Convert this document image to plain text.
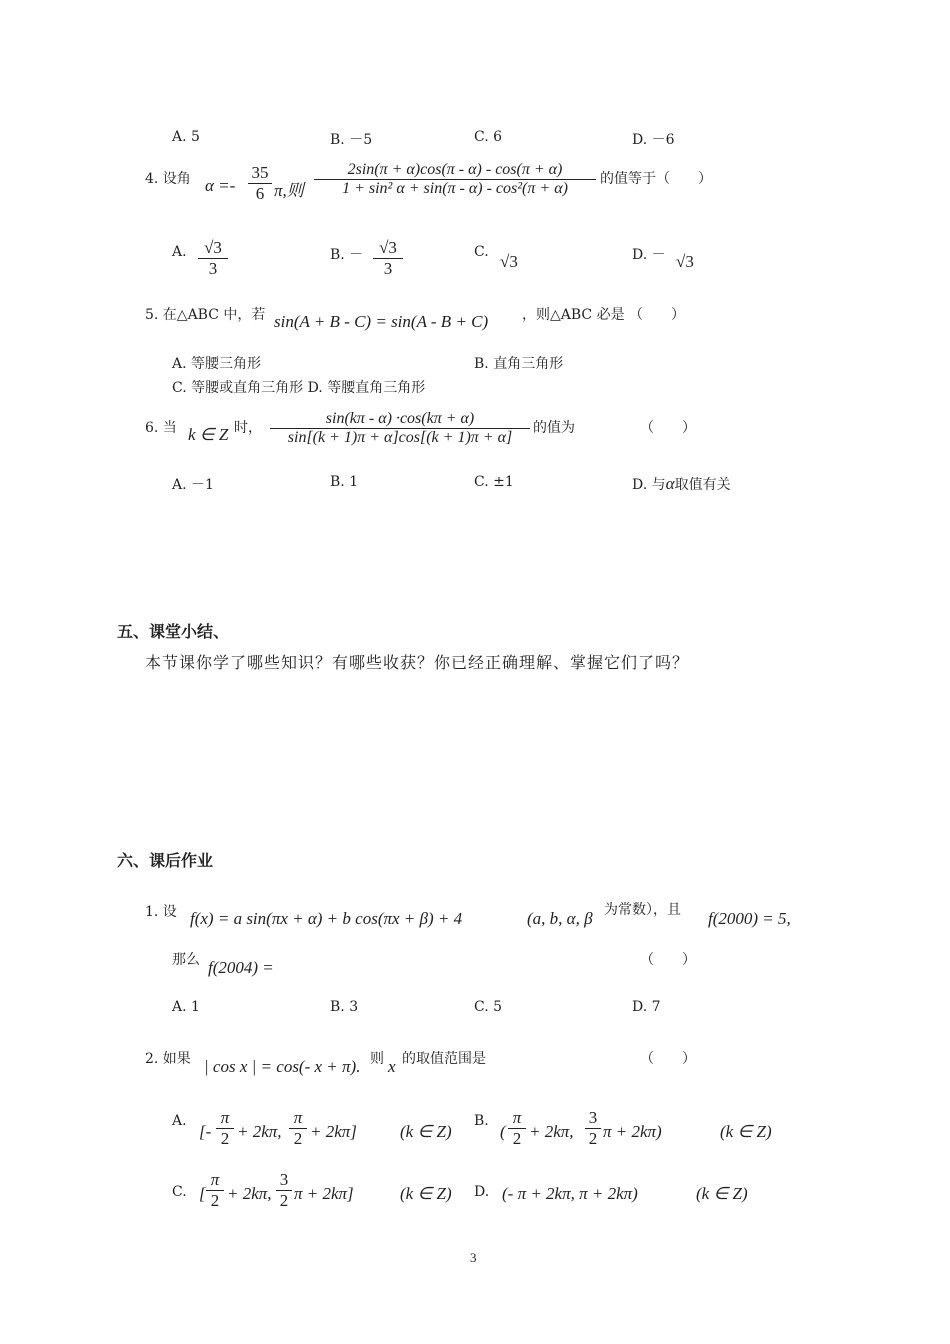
A. 5	B. －5	C. 6	D. －6
4. 设角 α =-
35
6 π,则
2sin(π + α)cos(π - α) - cos(π + α)
1 + sin² α + sin(π - α) - cos²(π + α)
的值等于（　　）
A.	√3
3
B. － √3
3
C. √3	D. － √3
5. 在△ABC 中，若 sin(A + B - C) = sin(A - B + C) ，则△ABC 必是 （　　）
A. 等腰三角形	B. 直角三角形
C. 等腰或直角三角形 D. 等腰直角三角形
6. 当 k ∈ Z 时，
sin(kπ - α) ·cos(kπ + α)
sin[(k + 1)π + α]cos[(k + 1)π + α]
的值为	（　　）
A. －1	B. 1	C. ±1	D. 与α取值有关
五、课堂小结、
本节课你学了哪些知识？有哪些收获？你已经正确理解、掌握它们了吗？
六、课后作业
1. 设 f(x) = a sin(πx + α) + b cos(πx + β) + 4	(a, b, α, β 为常数），且 f(2000) = 5,
那么 f(2004) =	（　　）
A. 1	B. 3	C. 5	D. 7
2. 如果 | cos x | = cos(- x + π). 则 x 的取值范围是	（　　）
A.
[-
π
2 + 2kπ,
π
2 + 2kπ]	(k ∈ Z)
B.
(
π
2 + 2kπ,
3
2 π + 2kπ)	(k ∈ Z)
C. [
π
2 + 2kπ,
3
2 π + 2kπ]	(k ∈ Z) D. (- π + 2kπ, π + 2kπ)	(k ∈ Z)
3
